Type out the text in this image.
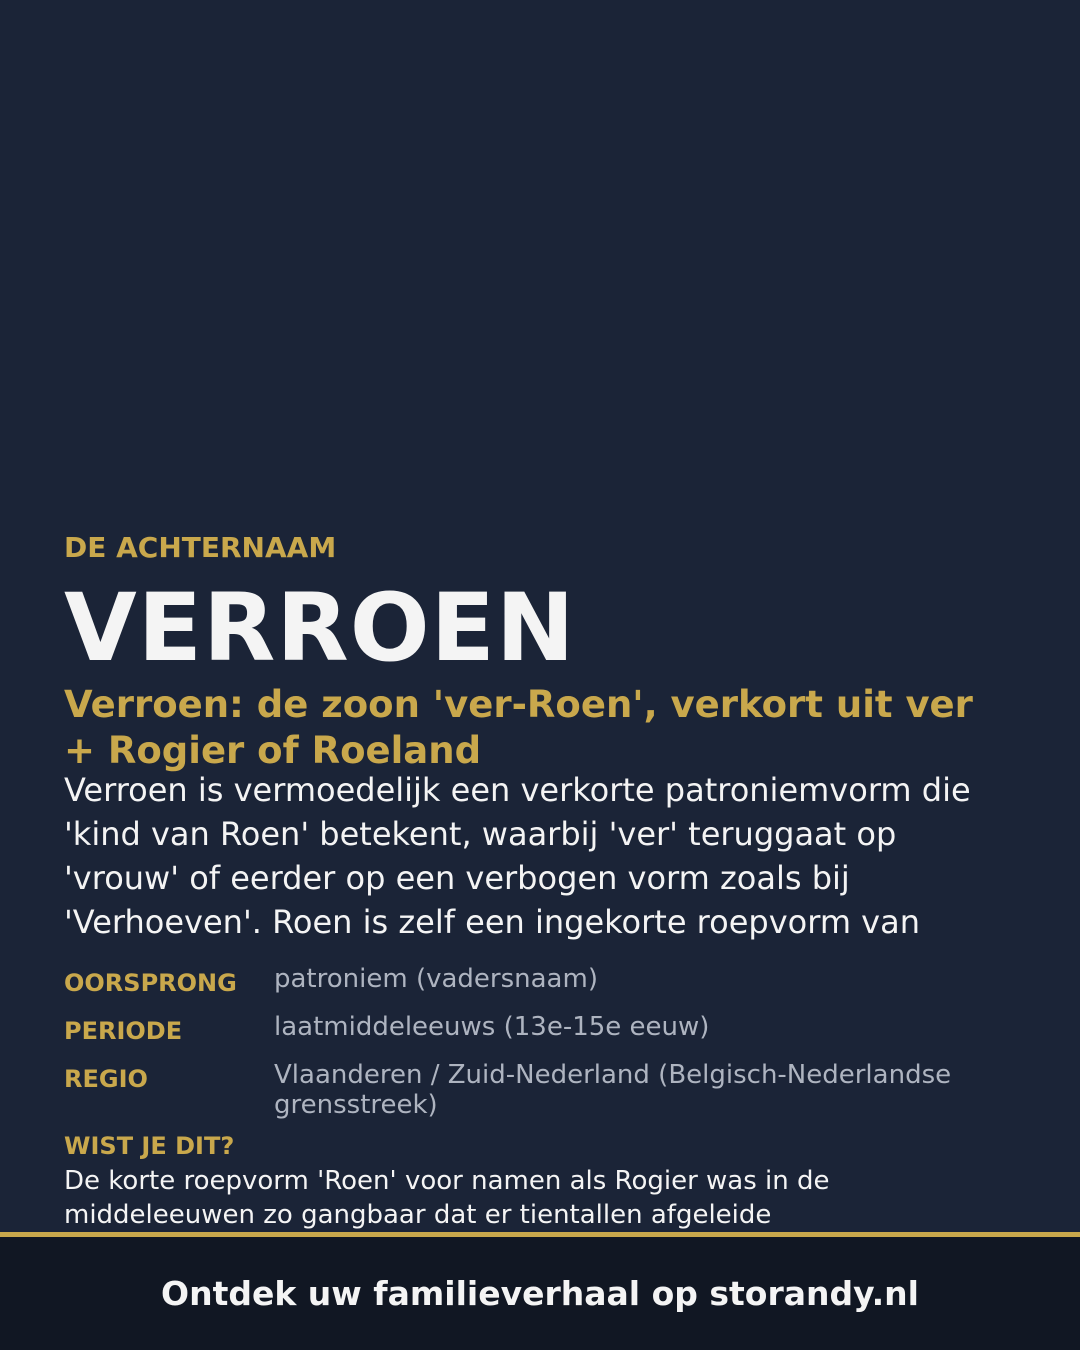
DE ACHTERNAAM
VERROEN
Verroen: de zoon 'ver-Roen', verkort uit ver + Rogier of Roeland
Verroen is vermoedelijk een verkorte patroniemvorm die 'kind van Roen' betekent, waarbij 'ver' teruggaat op 'vrouw' of eerder op een verbogen vorm zoals bij 'Verhoeven'. Roen is zelf een ingekorte roepvorm van
OORSPRONG	patroniem (vadersnaam)
PERIODE	laatmiddeleeuws (13e-15e eeuw)
REGIO	Vlaanderen / Zuid-Nederland (Belgisch-Nederlandse grensstreek)
WIST JE DIT?
De korte roepvorm 'Roen' voor namen als Rogier was in de middeleeuwen zo gangbaar dat er tientallen afgeleide
Ontdek uw familieverhaal op storandy.nl
